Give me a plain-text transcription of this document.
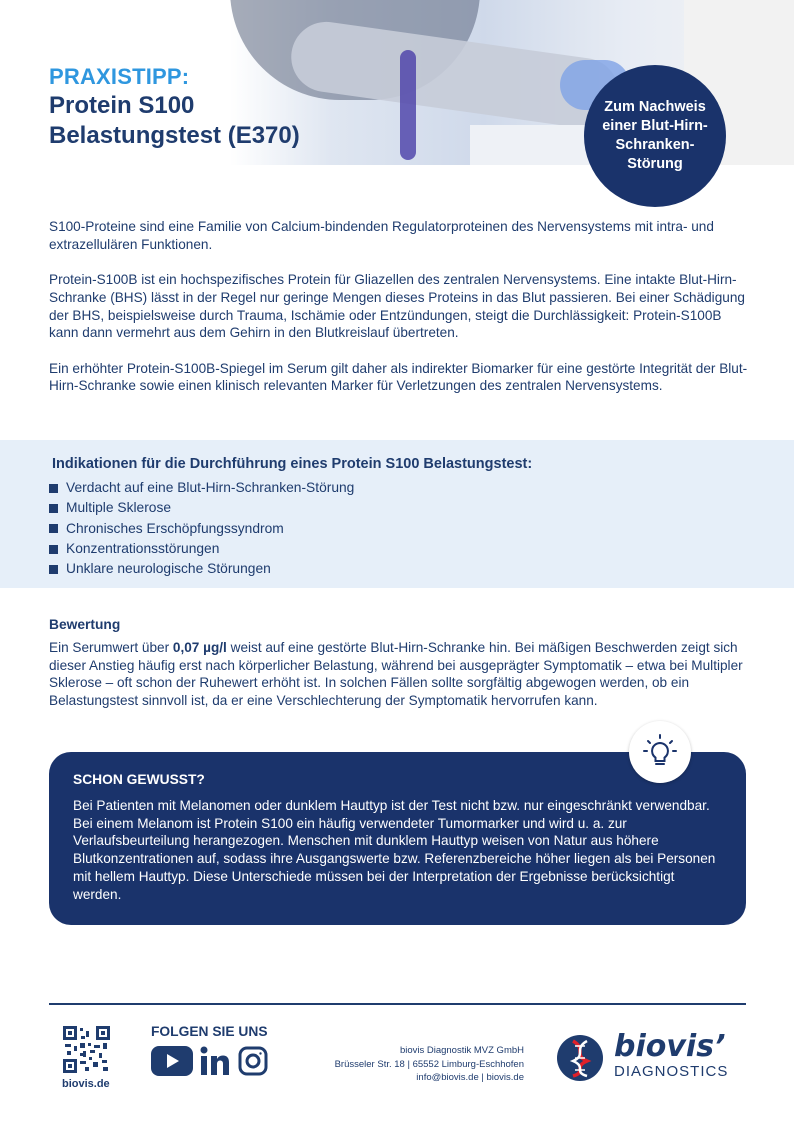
PRAXISTIPP:
Protein S100
Belastungstest (E370)
Zum Nachweis einer Blut-Hirn-Schranken-Störung

S100-Proteine sind eine Familie von Calcium-bindenden Regulatorproteinen des Nervensystems mit intra- und extrazellulären Funktionen.

Protein-S100B ist ein hochspezifisches Protein für Gliazellen des zentralen Nervensystems. Eine intakte Blut-Hirn-Schranke (BHS) lässt in der Regel nur geringe Mengen dieses Proteins in das Blut passieren. Bei einer Schädigung der BHS, beispielsweise durch Trauma, Ischämie oder Entzündungen, steigt die Durchlässigkeit: Protein-S100B kann dann vermehrt aus dem Gehirn in den Blutkreislauf übertreten.

Ein erhöhter Protein-S100B-Spiegel im Serum gilt daher als indirekter Biomarker für eine gestörte Integrität der Blut-Hirn-Schranke sowie einen klinisch relevanten Marker für Verletzungen des zentralen Nervensystems.

Indikationen für die Durchführung eines Protein S100 Belastungstest:
Verdacht auf eine Blut-Hirn-Schranken-Störung
Multiple Sklerose
Chronisches Erschöpfungssyndrom
Konzentrationsstörungen
Unklare neurologische Störungen
Bewertung
Ein Serumwert über 0,07 µg/l weist auf eine gestörte Blut-Hirn-Schranke hin. Bei mäßigen Beschwerden zeigt sich dieser Anstieg häufig erst nach körperlicher Belastung, während bei ausgeprägter Symptomatik – etwa bei Multipler Sklerose – oft schon der Ruhewert erhöht ist. In solchen Fällen sollte sorgfältig abgewogen werden, ob ein Belastungstest sinnvoll ist, da er eine Verschlechterung der Symptomatik hervorrufen kann.
SCHON GEWUSST?
Bei Patienten mit Melanomen oder dunklem Hauttyp ist der Test nicht bzw. nur eingeschränkt verwendbar. Bei einem Melanom ist Protein S100 ein häufig verwendeter Tumormarker und wird u. a. zur Verlaufsbeurteilung herangezogen. Menschen mit dunklem Hauttyp weisen von Natur aus höhere Blutkonzentrationen auf, sodass ihre Ausgangswerte bzw. Referenzbereiche höher liegen als bei Personen mit hellem Hauttyp. Diese Unterschiede müssen bei der Interpretation der Ergebnisse berücksichtigt werden.
biovis.de
FOLGEN SIE UNS
biovis Diagnostik MVZ GmbH
Brüsseler Str. 18 | 65552 Limburg-Eschhofen
info@biovis.de | biovis.de
biovis’
DIAGNOSTICS
